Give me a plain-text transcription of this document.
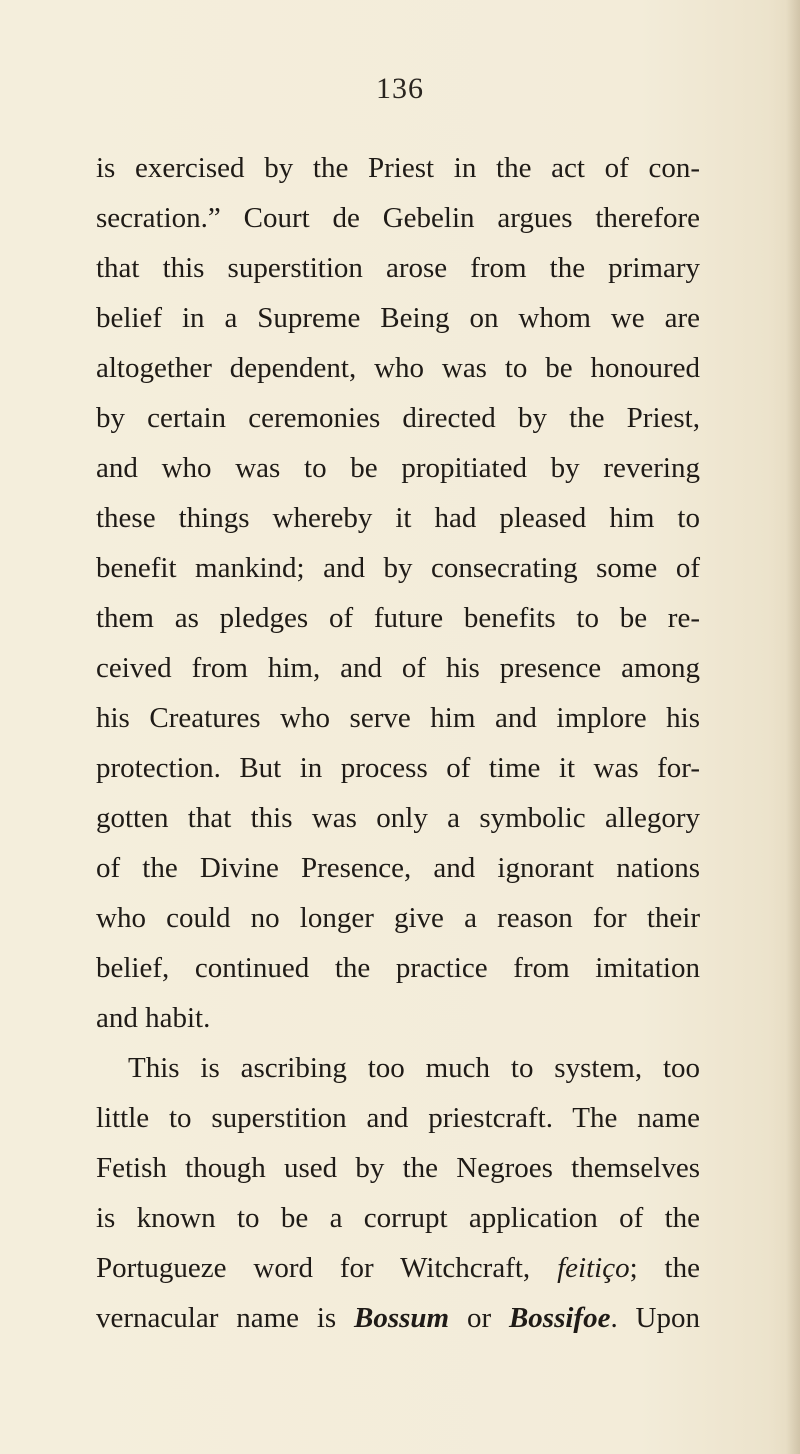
136
is exercised by the Priest in the act of con-
secration.” Court de Gebelin argues therefore
that this superstition arose from the primary
belief in a Supreme Being on whom we are
altogether dependent, who was to be honoured
by certain ceremonies directed by the Priest,
and who was to be propitiated by revering
these things whereby it had pleased him to
benefit mankind; and by consecrating some of
them as pledges of future benefits to be re-
ceived from him, and of his presence among
his Creatures who serve him and implore his
protection. But in process of time it was for-
gotten that this was only a symbolic allegory
of the Divine Presence, and ignorant nations
who could no longer give a reason for their
belief, continued the practice from imitation
and habit.
This is ascribing too much to system, too
little to superstition and priestcraft. The name
Fetish though used by the Negroes themselves
is known to be a corrupt application of the
Portugueze word for Witchcraft, feitiço; the
vernacular name is Bossum or Bossifoe. Upon
